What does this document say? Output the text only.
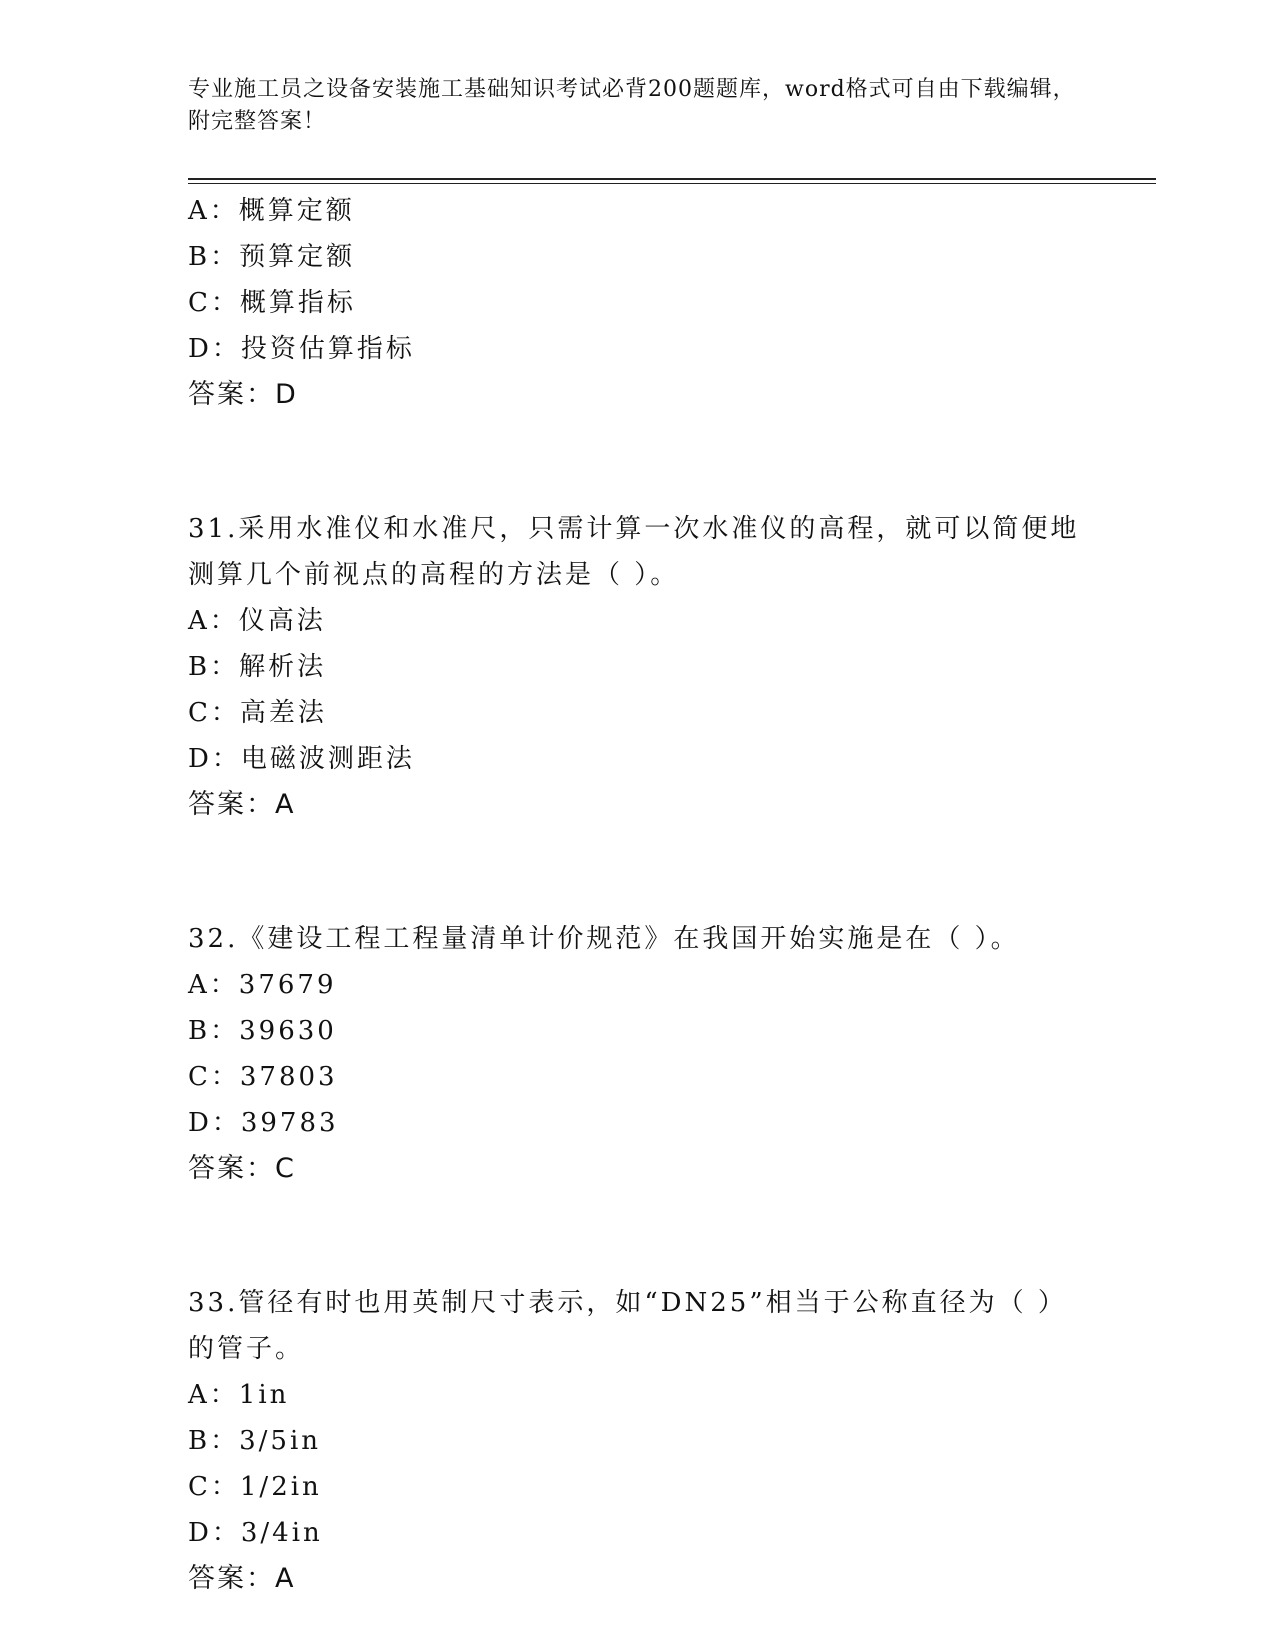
专业施工员之设备安装施工基础知识考试必背200题题库，word格式可自由下载编辑，附完整答案！
A：概算定额
B：预算定额
C：概算指标
D：投资估算指标
答案：D
31.采用水准仪和水准尺，只需计算一次水准仪的高程，就可以简便地测算几个前视点的高程的方法是（ ）。
A：仪高法
B：解析法
C：高差法
D：电磁波测距法
答案：A
32.《建设工程工程量清单计价规范》在我国开始实施是在（ ）。
A：37679
B：39630
C：37803
D：39783
答案：C
33.管径有时也用英制尺寸表示，如“DN25”相当于公称直径为（ ）的管子。
A：1in
B：3/5in
C：1/2in
D：3/4in
答案：A
